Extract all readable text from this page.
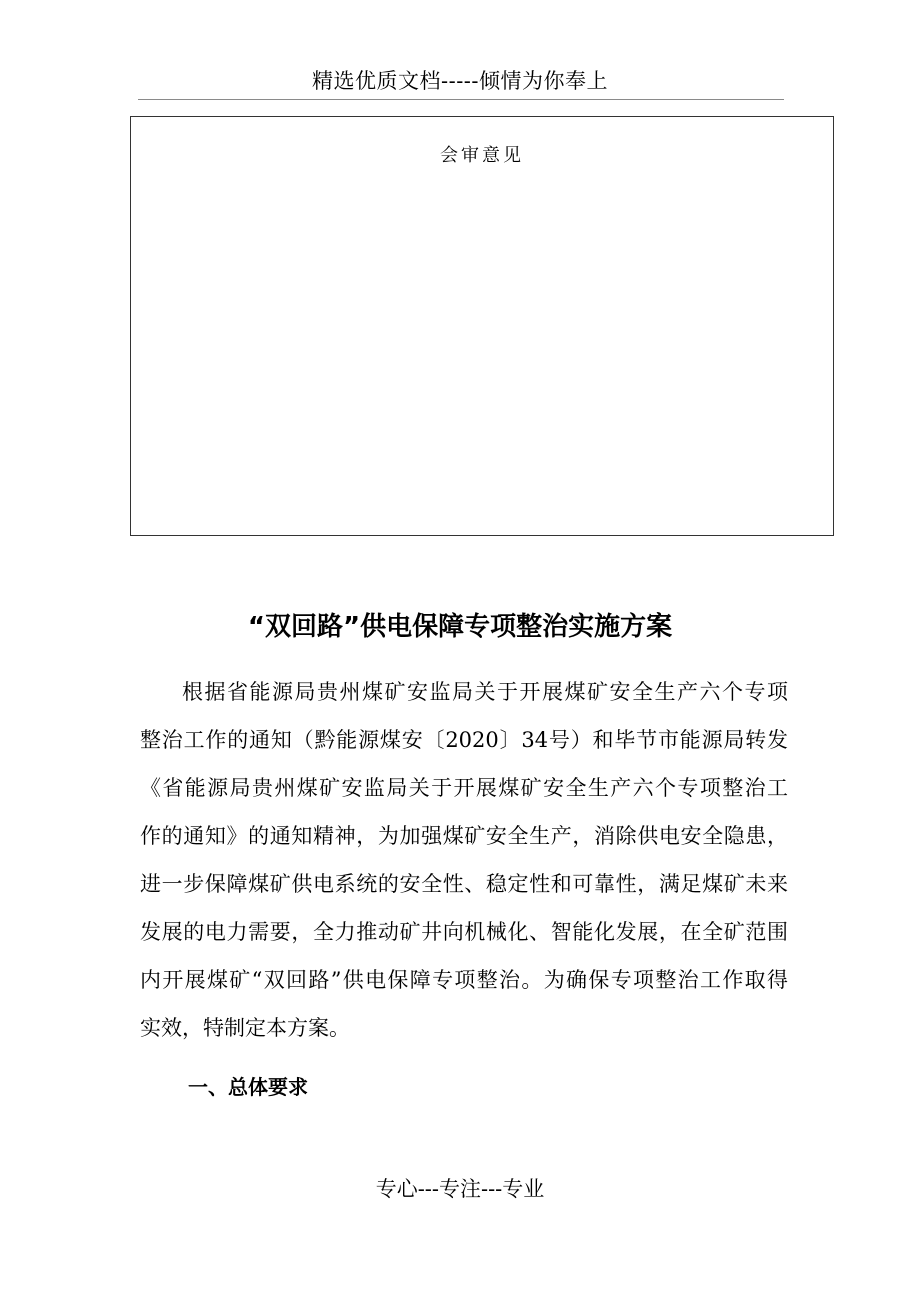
精选优质文档-----倾情为你奉上
会审意见
“双回路”供电保障专项整治实施方案
根据省能源局贵州煤矿安监局关于开展煤矿安全生产六个专项
整治工作的通知（黔能源煤安〔2020〕34号）和毕节市能源局转发
《省能源局贵州煤矿安监局关于开展煤矿安全生产六个专项整治工
作的通知》的通知精神，为加强煤矿安全生产，消除供电安全隐患，
进一步保障煤矿供电系统的安全性、稳定性和可靠性，满足煤矿未来
发展的电力需要，全力推动矿井向机械化、智能化发展，在全矿范围
内开展煤矿“双回路”供电保障专项整治。为确保专项整治工作取得
实效，特制定本方案。
一、总体要求
专心---专注---专业
